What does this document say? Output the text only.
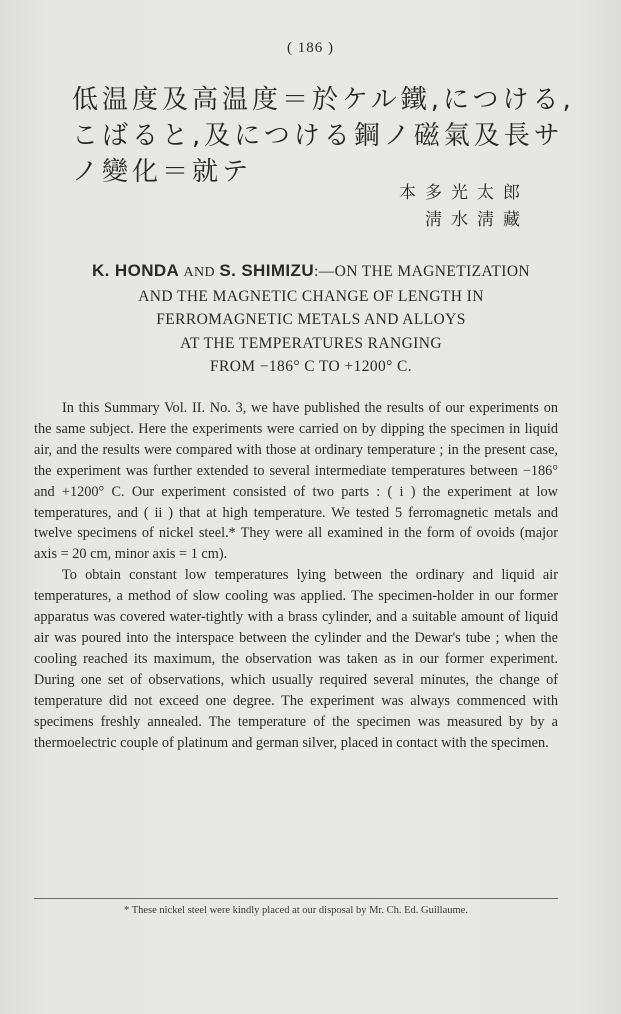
( 186 )
低温度及高温度＝於ケル鐵,につける,
こばると,及につける鋼ノ磁氣及長サ
ノ變化＝就テ
本多光太郎
淸水淸藏
K. HONDA AND S. SHIMIZU:—ON THE MAGNETIZATION
AND THE MAGNETIC CHANGE OF LENGTH IN
FERROMAGNETIC METALS AND ALLOYS
AT THE TEMPERATURES RANGING
FROM −186° C TO +1200° C.

In this Summary Vol. II. No. 3, we have published the results of our experiments on the same subject. Here the experiments were carried on by dipping the specimen in liquid air, and the results were compared with those at ordinary temperature ; in the present case, the experiment was further extended to several intermediate temperatures between −186° and +1200° C. Our experiment consisted of two parts : ( i ) the experiment at low temperatures, and ( ii ) that at high temperature. We tested 5 ferromagnetic metals and twelve specimens of nickel steel.* They were all examined in the form of ovoids (major axis = 20 cm, minor axis = 1 cm).

To obtain constant low temperatures lying between the ordinary and liquid air temperatures, a method of slow cooling was applied. The specimen-holder in our former apparatus was covered water-tightly with a brass cylinder, and a suitable amount of liquid air was poured into the interspace between the cylinder and the Dewar's tube ; when the cooling reached its maximum, the observation was taken as in our former experiment. During one set of observations, which usually required several minutes, the change of temperature did not exceed one degree. The experiment was always commenced with specimens freshly annealed. The temperature of the specimen was measured by by a thermoelectric couple of platinum and german silver, placed in contact with the specimen.

* These nickel steel were kindly placed at our disposal by Mr. Ch. Ed. Guillaume.
